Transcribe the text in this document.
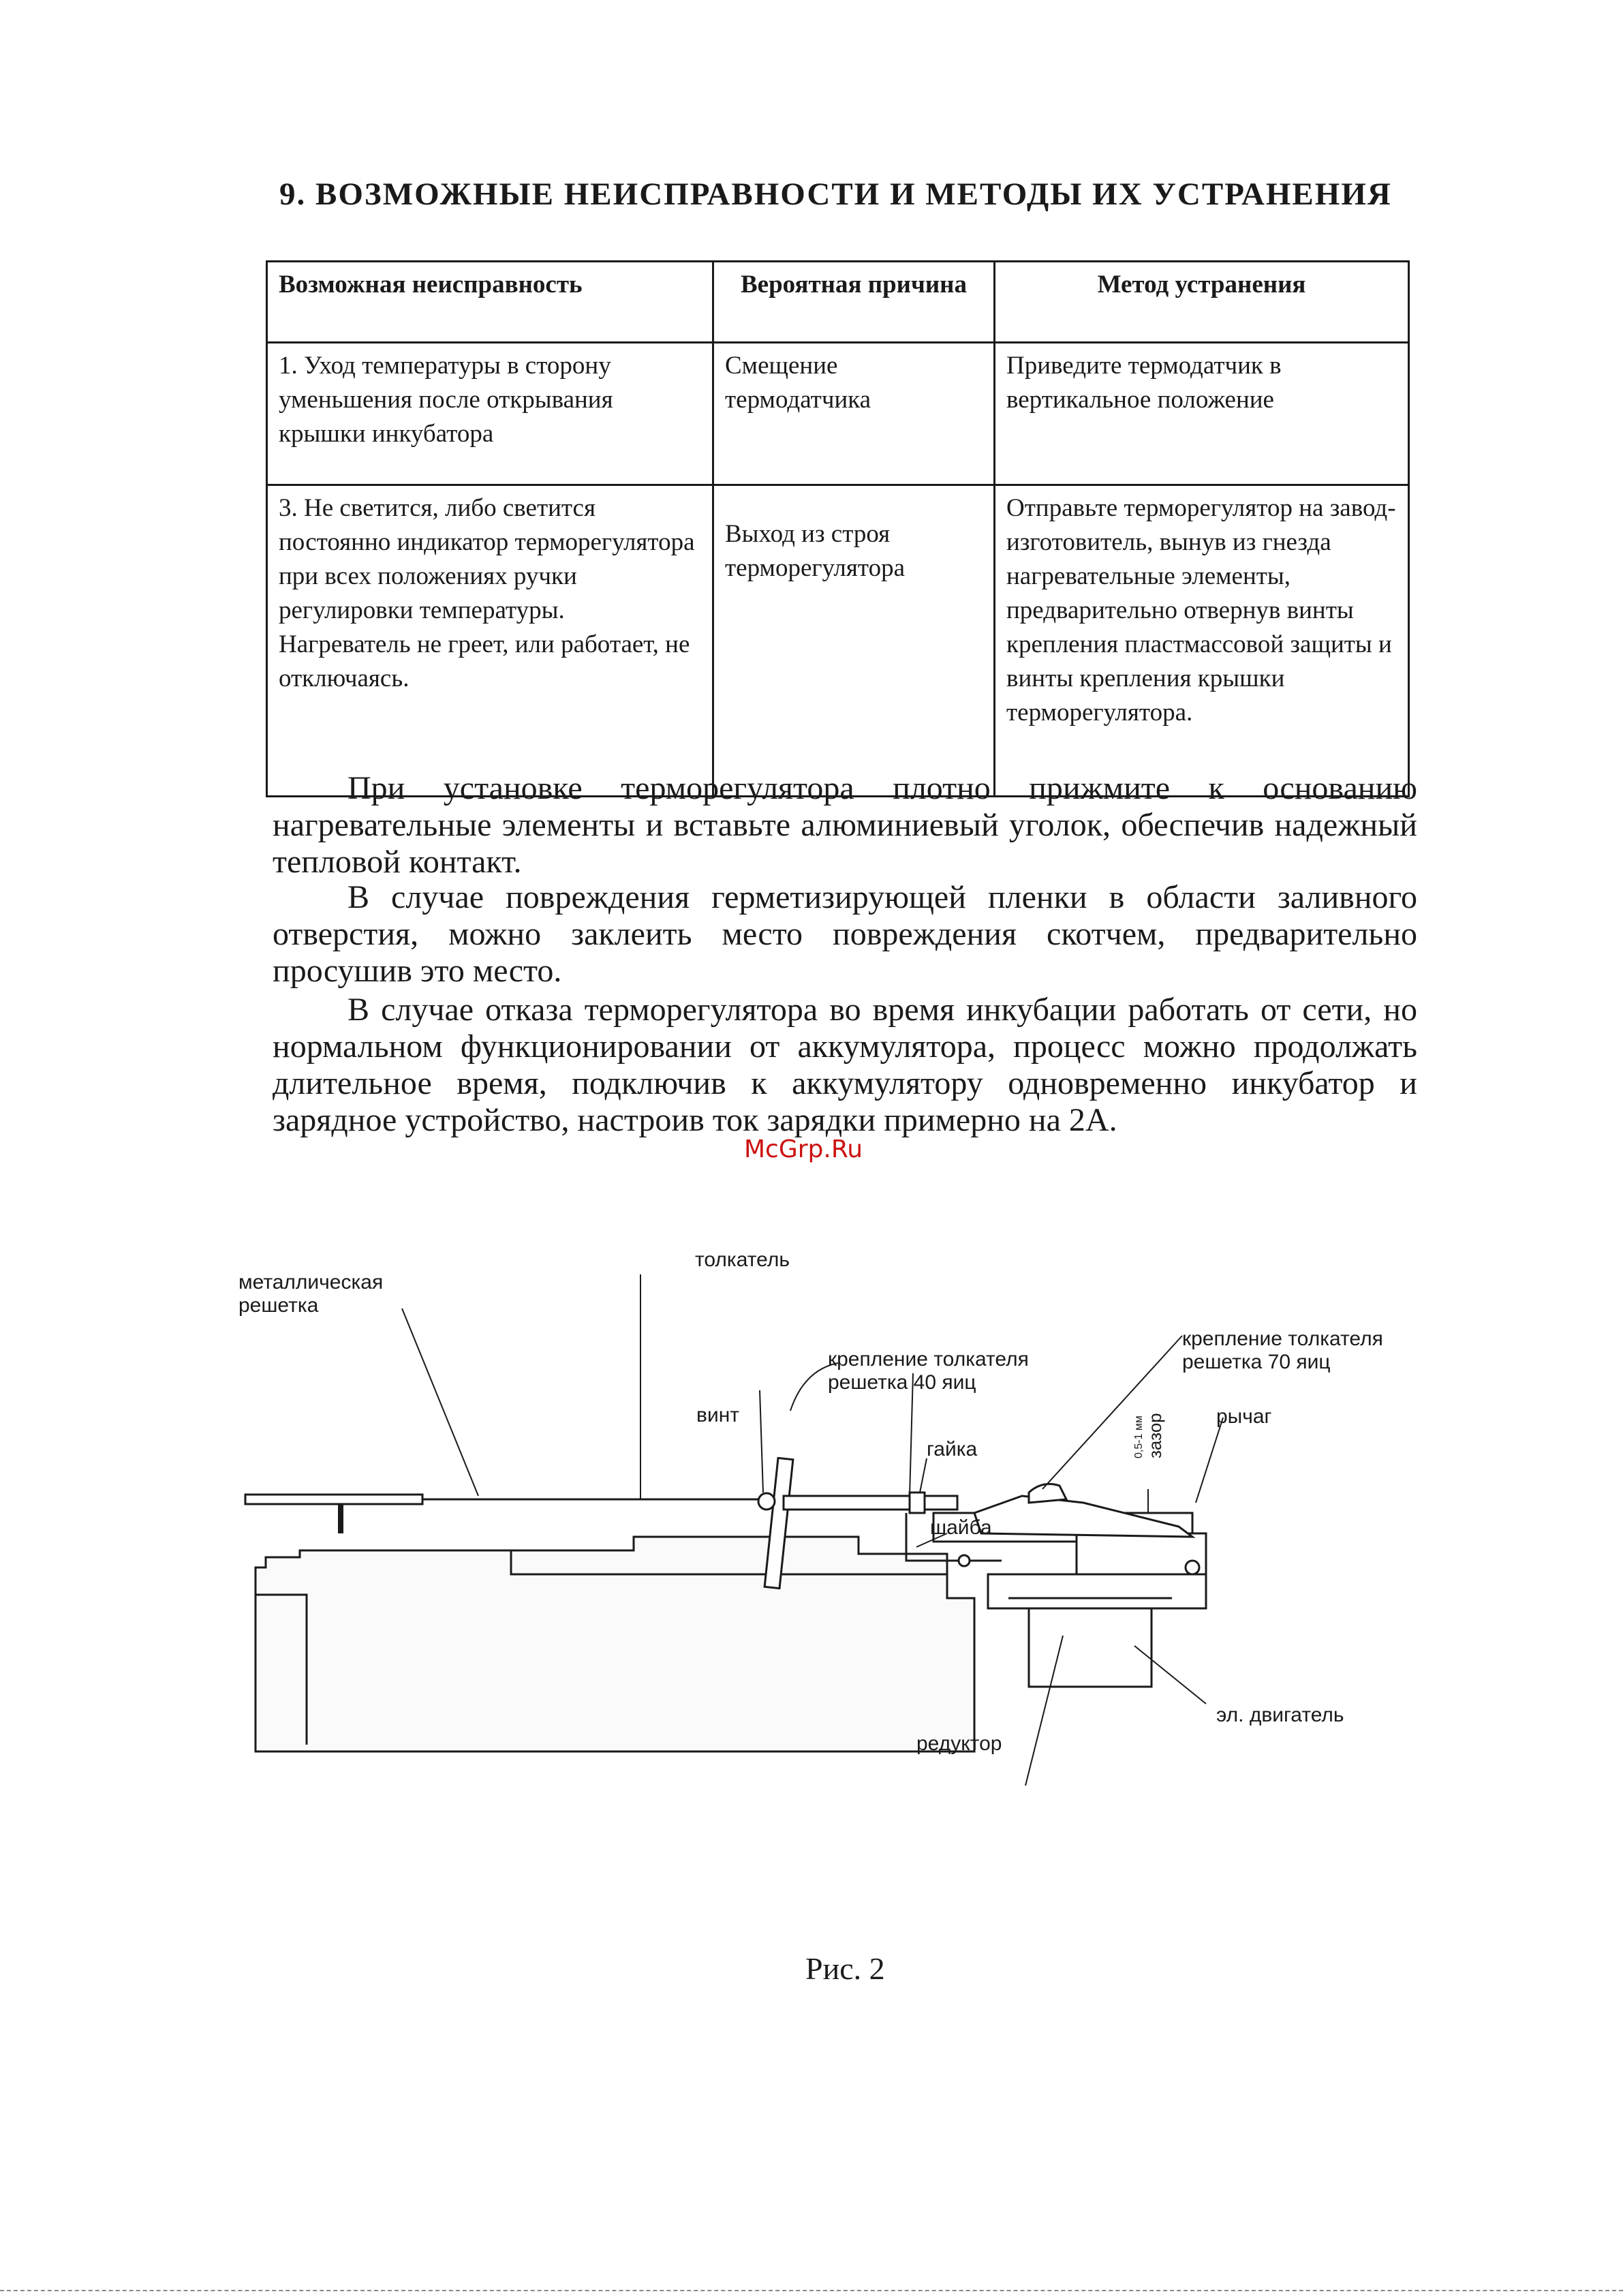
9. ВОЗМОЖНЫЕ НЕИСПРАВНОСТИ И МЕТОДЫ ИХ УСТРАНЕНИЯ
Возможная неисправность	Вероятная причина	Метод устранения
1. Уход температуры в сторону уменьшения после открывания крышки инкубатора	Смещение термодатчика	Приведите термодатчик в вертикальное положение
3. Не светится, либо светится постоянно индикатор терморегулятора при всех положениях ручки регулировки температуры. Нагреватель не греет, или работает, не отключаясь.	Выход из строя терморегулятора	Отправьте терморегулятор на завод-изготовитель, вынув из гнезда нагревательные элементы, предварительно отвернув винты крепления пластмассовой защиты и винты крепления крышки терморегулятора.
При установке терморегулятора плотно прижмите к основанию нагревательные элементы и вставьте алюминиевый уголок, обеспечив надежный тепловой контакт.
В случае повреждения герметизирующей пленки в области заливного отверстия, можно заклеить место повреждения скотчем, предварительно просушив это место.
В случае отказа терморегулятора во время инкубации работать от сети, но нормальном функционировании от аккумулятора, процесс можно продолжать длительное время, подключив к аккумулятору одновременно инкубатор и зарядное устройство, настроив ток зарядки примерно на 2А.
McGrp.Ru
металлическая решетка
толкатель
крепление толкателя решетка 40 яиц
крепление толкателя решетка 70 яиц
винт
гайка
рычаг
зазор
0,5-1 мм
шайба
редуктор
эл. двигатель
Рис. 2
